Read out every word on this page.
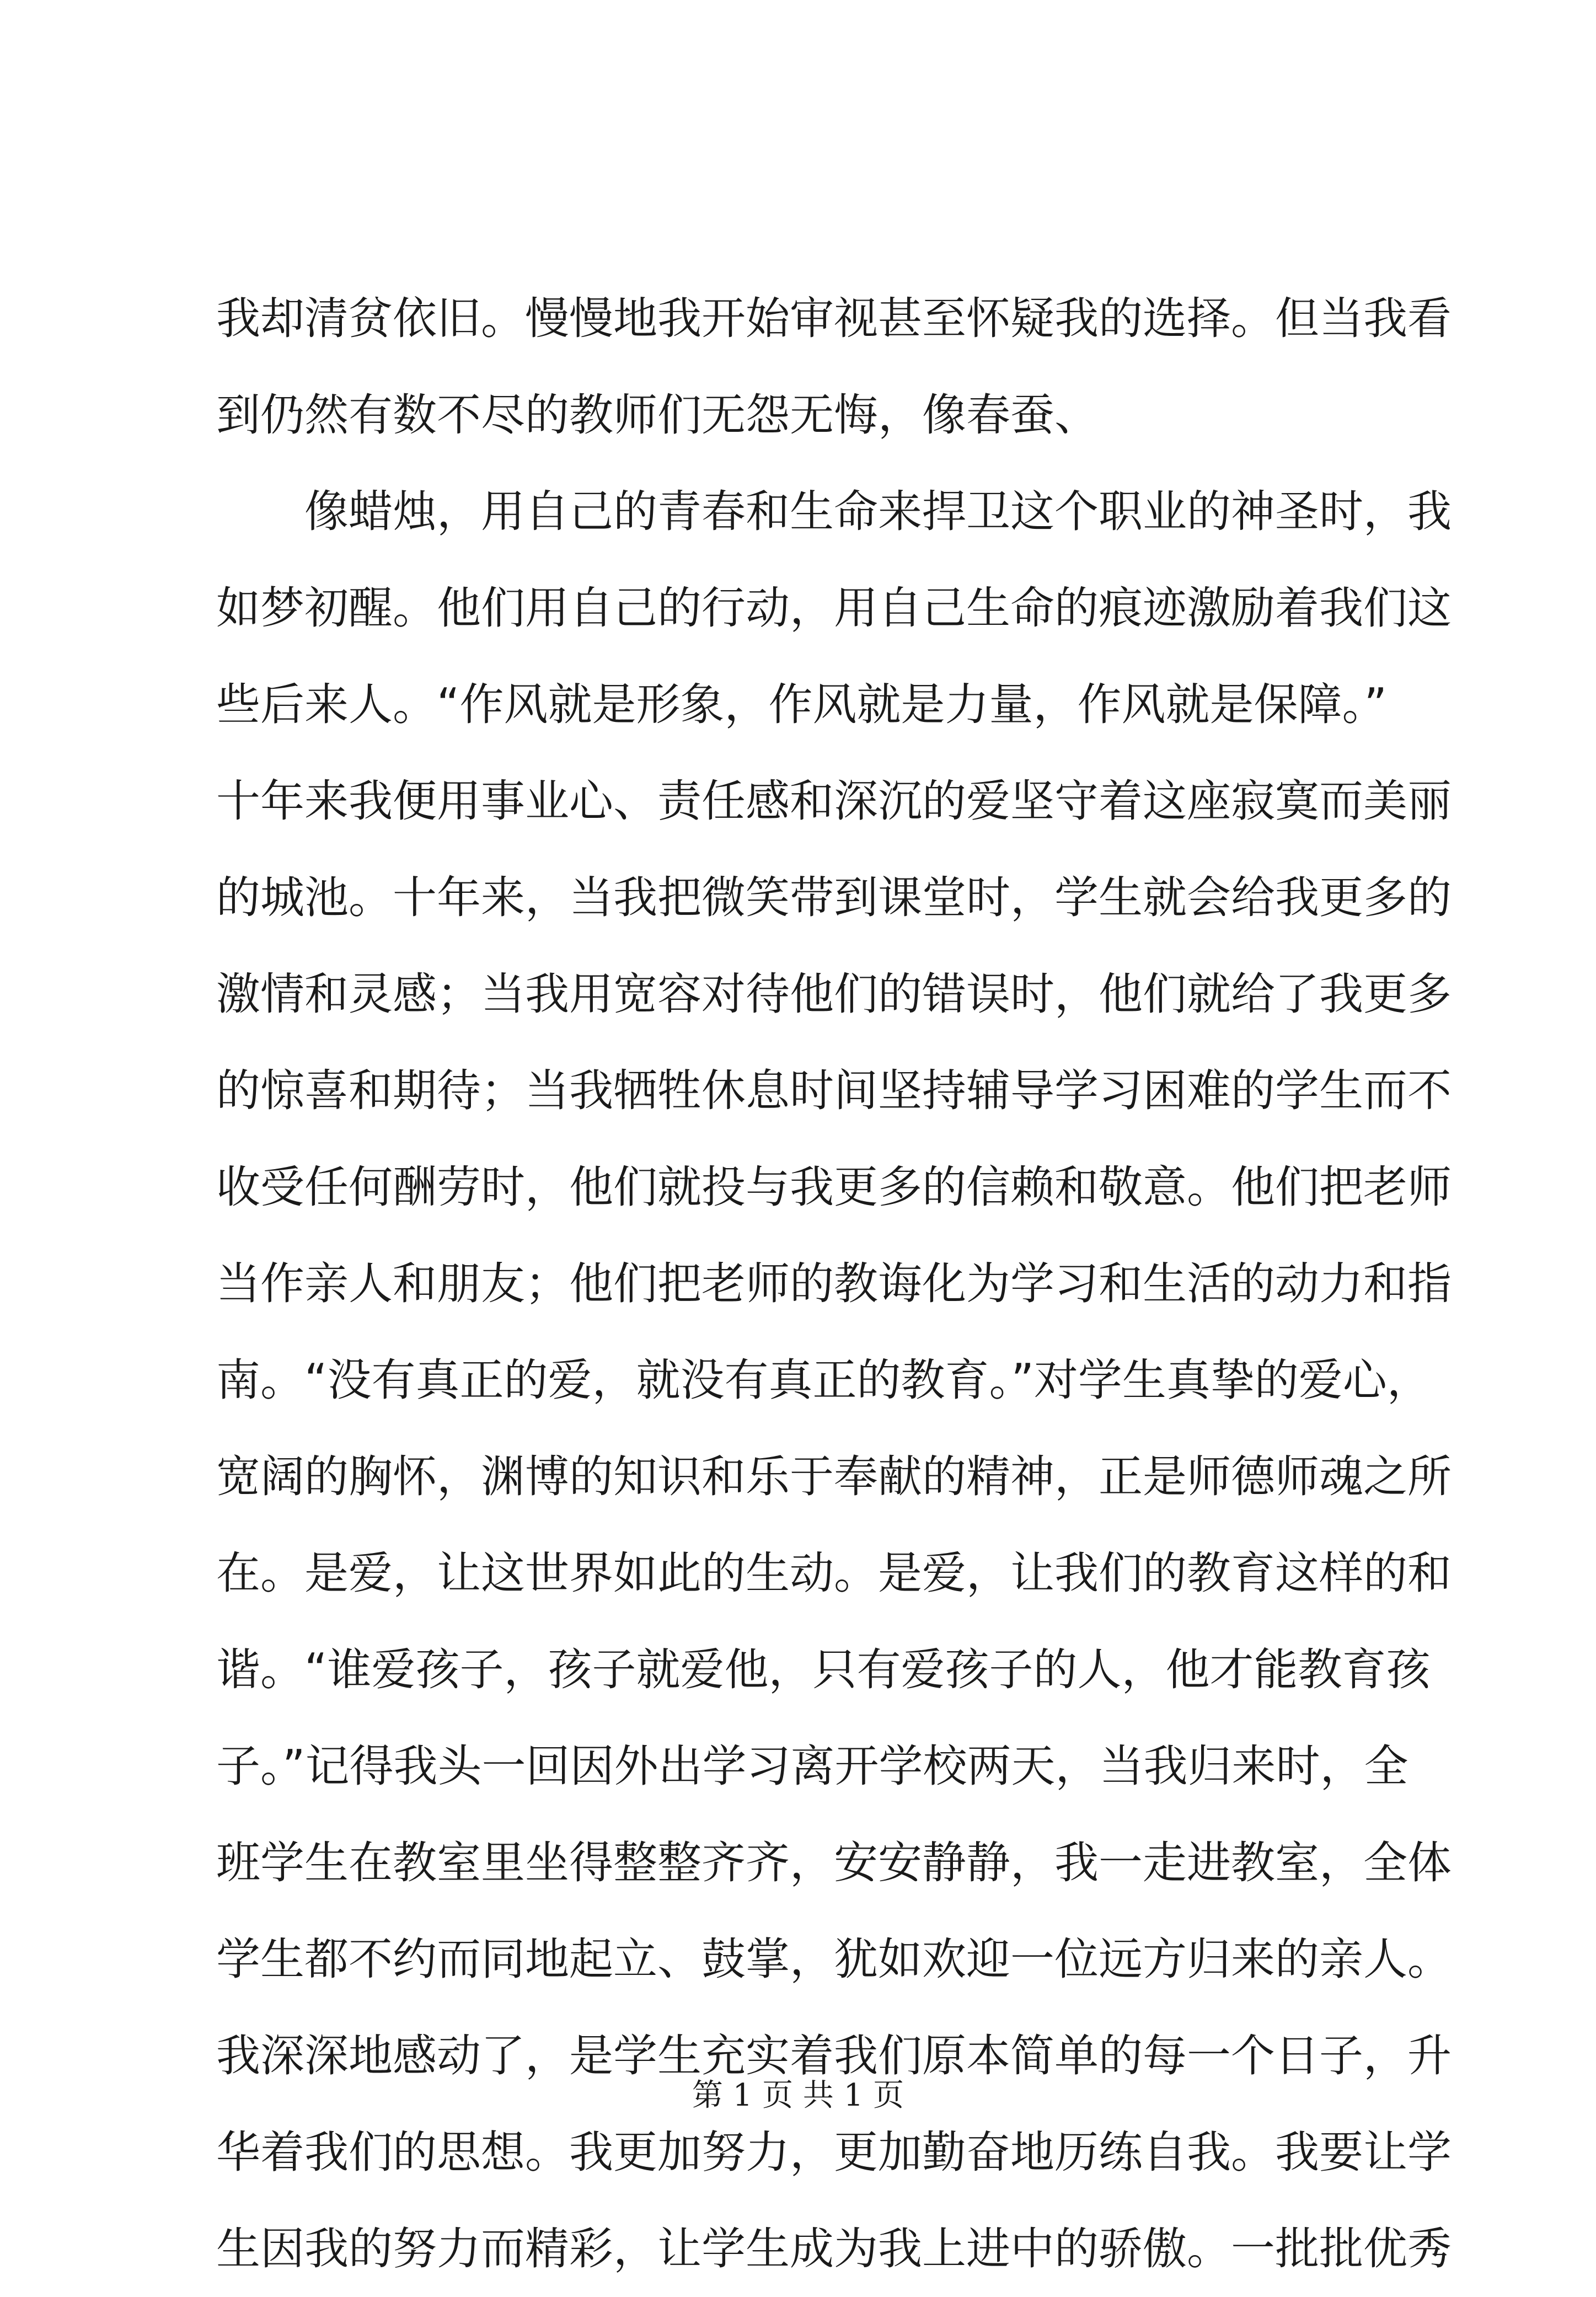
我却清贫依旧。慢慢地我开始审视甚至怀疑我的选择。但当我看
到仍然有数不尽的教师们无怨无悔，像春蚕、
像蜡烛，用自己的青春和生命来捍卫这个职业的神圣时，我
如梦初醒。他们用自己的行动，用自己生命的痕迹激励着我们这
些后来人。“作风就是形象，作风就是力量，作风就是保障。”
十年来我便用事业心、责任感和深沉的爱坚守着这座寂寞而美丽
的城池。十年来，当我把微笑带到课堂时，学生就会给我更多的
激情和灵感；当我用宽容对待他们的错误时，他们就给了我更多
的惊喜和期待；当我牺牲休息时间坚持辅导学习困难的学生而不
收受任何酬劳时，他们就投与我更多的信赖和敬意。他们把老师
当作亲人和朋友；他们把老师的教诲化为学习和生活的动力和指
南。“没有真正的爱，就没有真正的教育。”对学生真挚的爱心，
宽阔的胸怀，渊博的知识和乐于奉献的精神，正是师德师魂之所
在。是爱，让这世界如此的生动。是爱，让我们的教育这样的和
谐。“谁爱孩子，孩子就爱他，只有爱孩子的人，他才能教育孩
子。”记得我头一回因外出学习离开学校两天，当我归来时，全
班学生在教室里坐得整整齐齐，安安静静，我一走进教室，全体
学生都不约而同地起立、鼓掌，犹如欢迎一位远方归来的亲人。
我深深地感动了，是学生充实着我们原本简单的每一个日子，升
华着我们的思想。我更加努力，更加勤奋地历练自我。我要让学
生因我的努力而精彩，让学生成为我上进中的骄傲。一批批优秀
第 1 页 共 1 页
